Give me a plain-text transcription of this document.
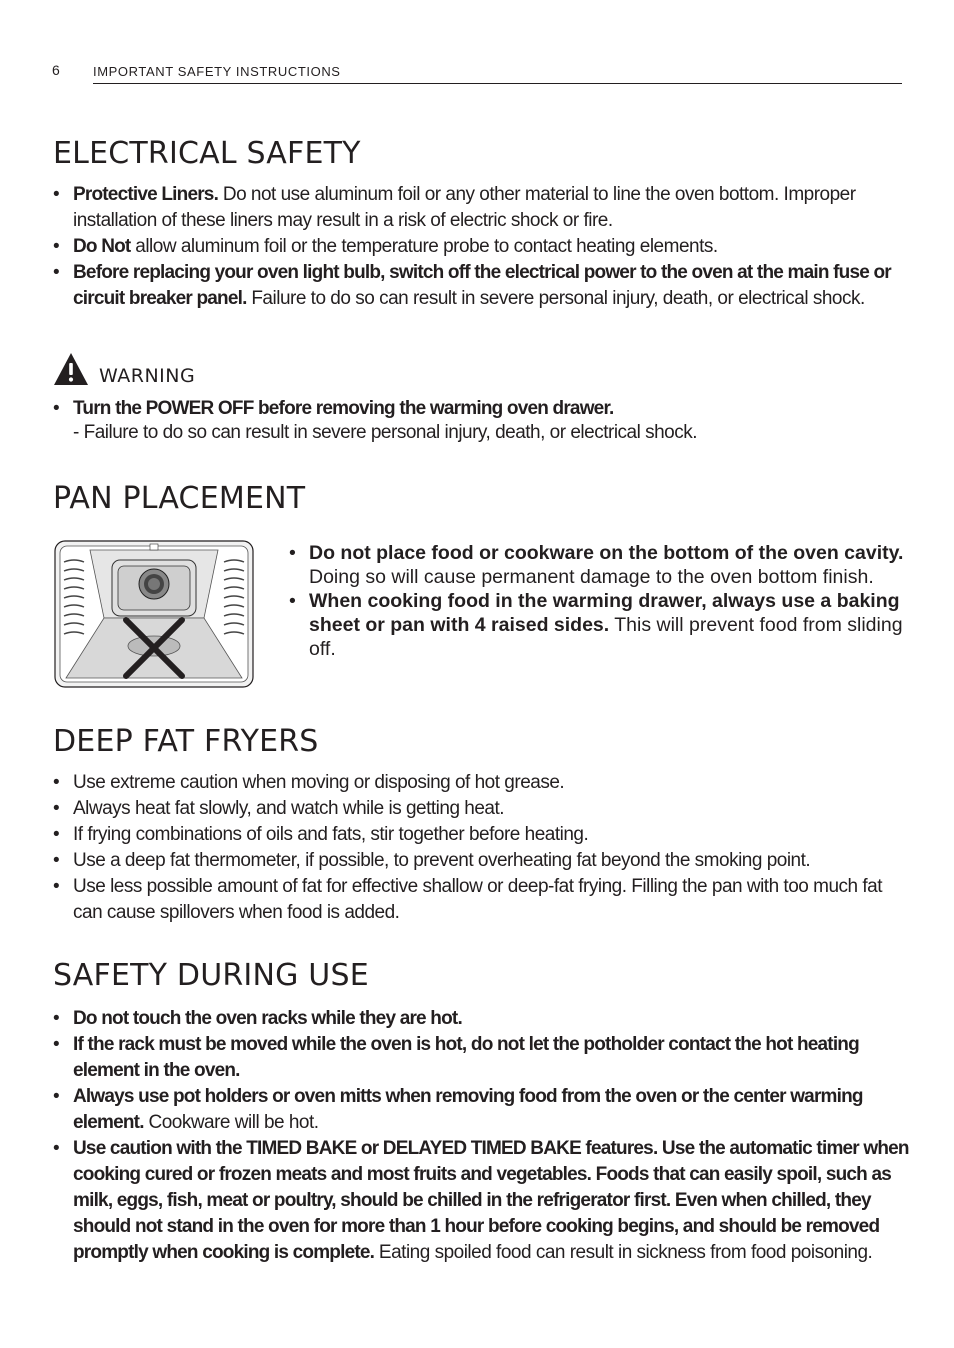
6	IMPORTANT SAFETY INSTRUCTIONS
ELECTRICAL SAFETY
• Protective Liners. Do not use aluminum foil or any other material to line the oven bottom. Improper installation of these liners may result in a risk of electric shock or fire.
• Do Not allow aluminum foil or the temperature probe to contact heating elements.
• Before replacing your oven light bulb, switch off the electrical power to the oven at the main fuse or circuit breaker panel. Failure to do so can result in severe personal injury, death, or electrical shock.
WARNING
• Turn the POWER OFF before removing the warming oven drawer.
- Failure to do so can result in severe personal injury, death, or electrical shock.
PAN PLACEMENT
• Do not place food or cookware on the bottom of the oven cavity. Doing so will cause permanent damage to the oven bottom finish.
• When cooking food in the warming drawer, always use a baking sheet or pan with 4 raised sides. This will prevent food from sliding off.
DEEP FAT FRYERS
• Use extreme caution when moving or disposing of hot grease.
• Always heat fat slowly, and watch while is getting heat.
• If frying combinations of oils and fats, stir together before heating.
• Use a deep fat thermometer, if possible, to prevent overheating fat beyond the smoking point.
• Use less possible amount of fat for effective shallow or deep-fat frying. Filling the pan with too much fat can cause spillovers when food is added.
SAFETY DURING USE
• Do not touch the oven racks while they are hot.
• If the rack must be moved while the oven is hot, do not let the potholder contact the hot heating element in the oven.
• Always use pot holders or oven mitts when removing food from the oven or the center warming element. Cookware will be hot.
• Use caution with the TIMED BAKE or DELAYED TIMED BAKE features. Use the automatic timer when cooking cured or frozen meats and most fruits and vegetables. Foods that can easily spoil, such as milk, eggs, fish, meat or poultry, should be chilled in the refrigerator first. Even when chilled, they should not stand in the oven for more than 1 hour before cooking begins, and should be removed promptly when cooking is complete. Eating spoiled food can result in sickness from food poisoning.
